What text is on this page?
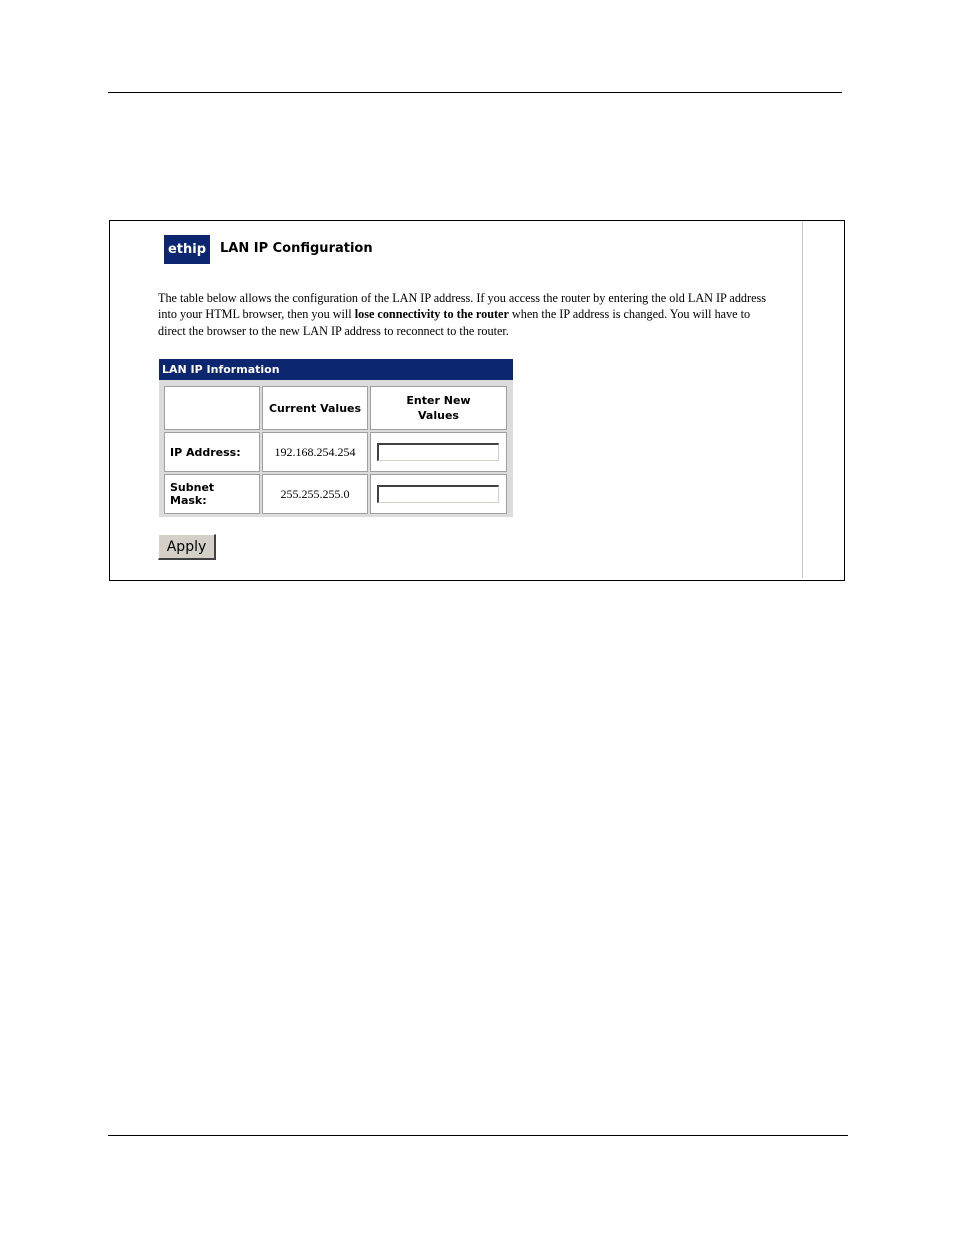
ethip	LAN IP Configuration
The table below allows the configuration of the LAN IP address. If you access the router by entering the old LAN IP address into your HTML browser, then you will lose connectivity to the router when the IP address is changed. You will have to direct the browser to the new LAN IP address to reconnect to the router.
LAN IP Information
	Current Values	Enter New Values
IP Address:	192.168.254.254	
Subnet Mask:	255.255.255.0	
Apply
